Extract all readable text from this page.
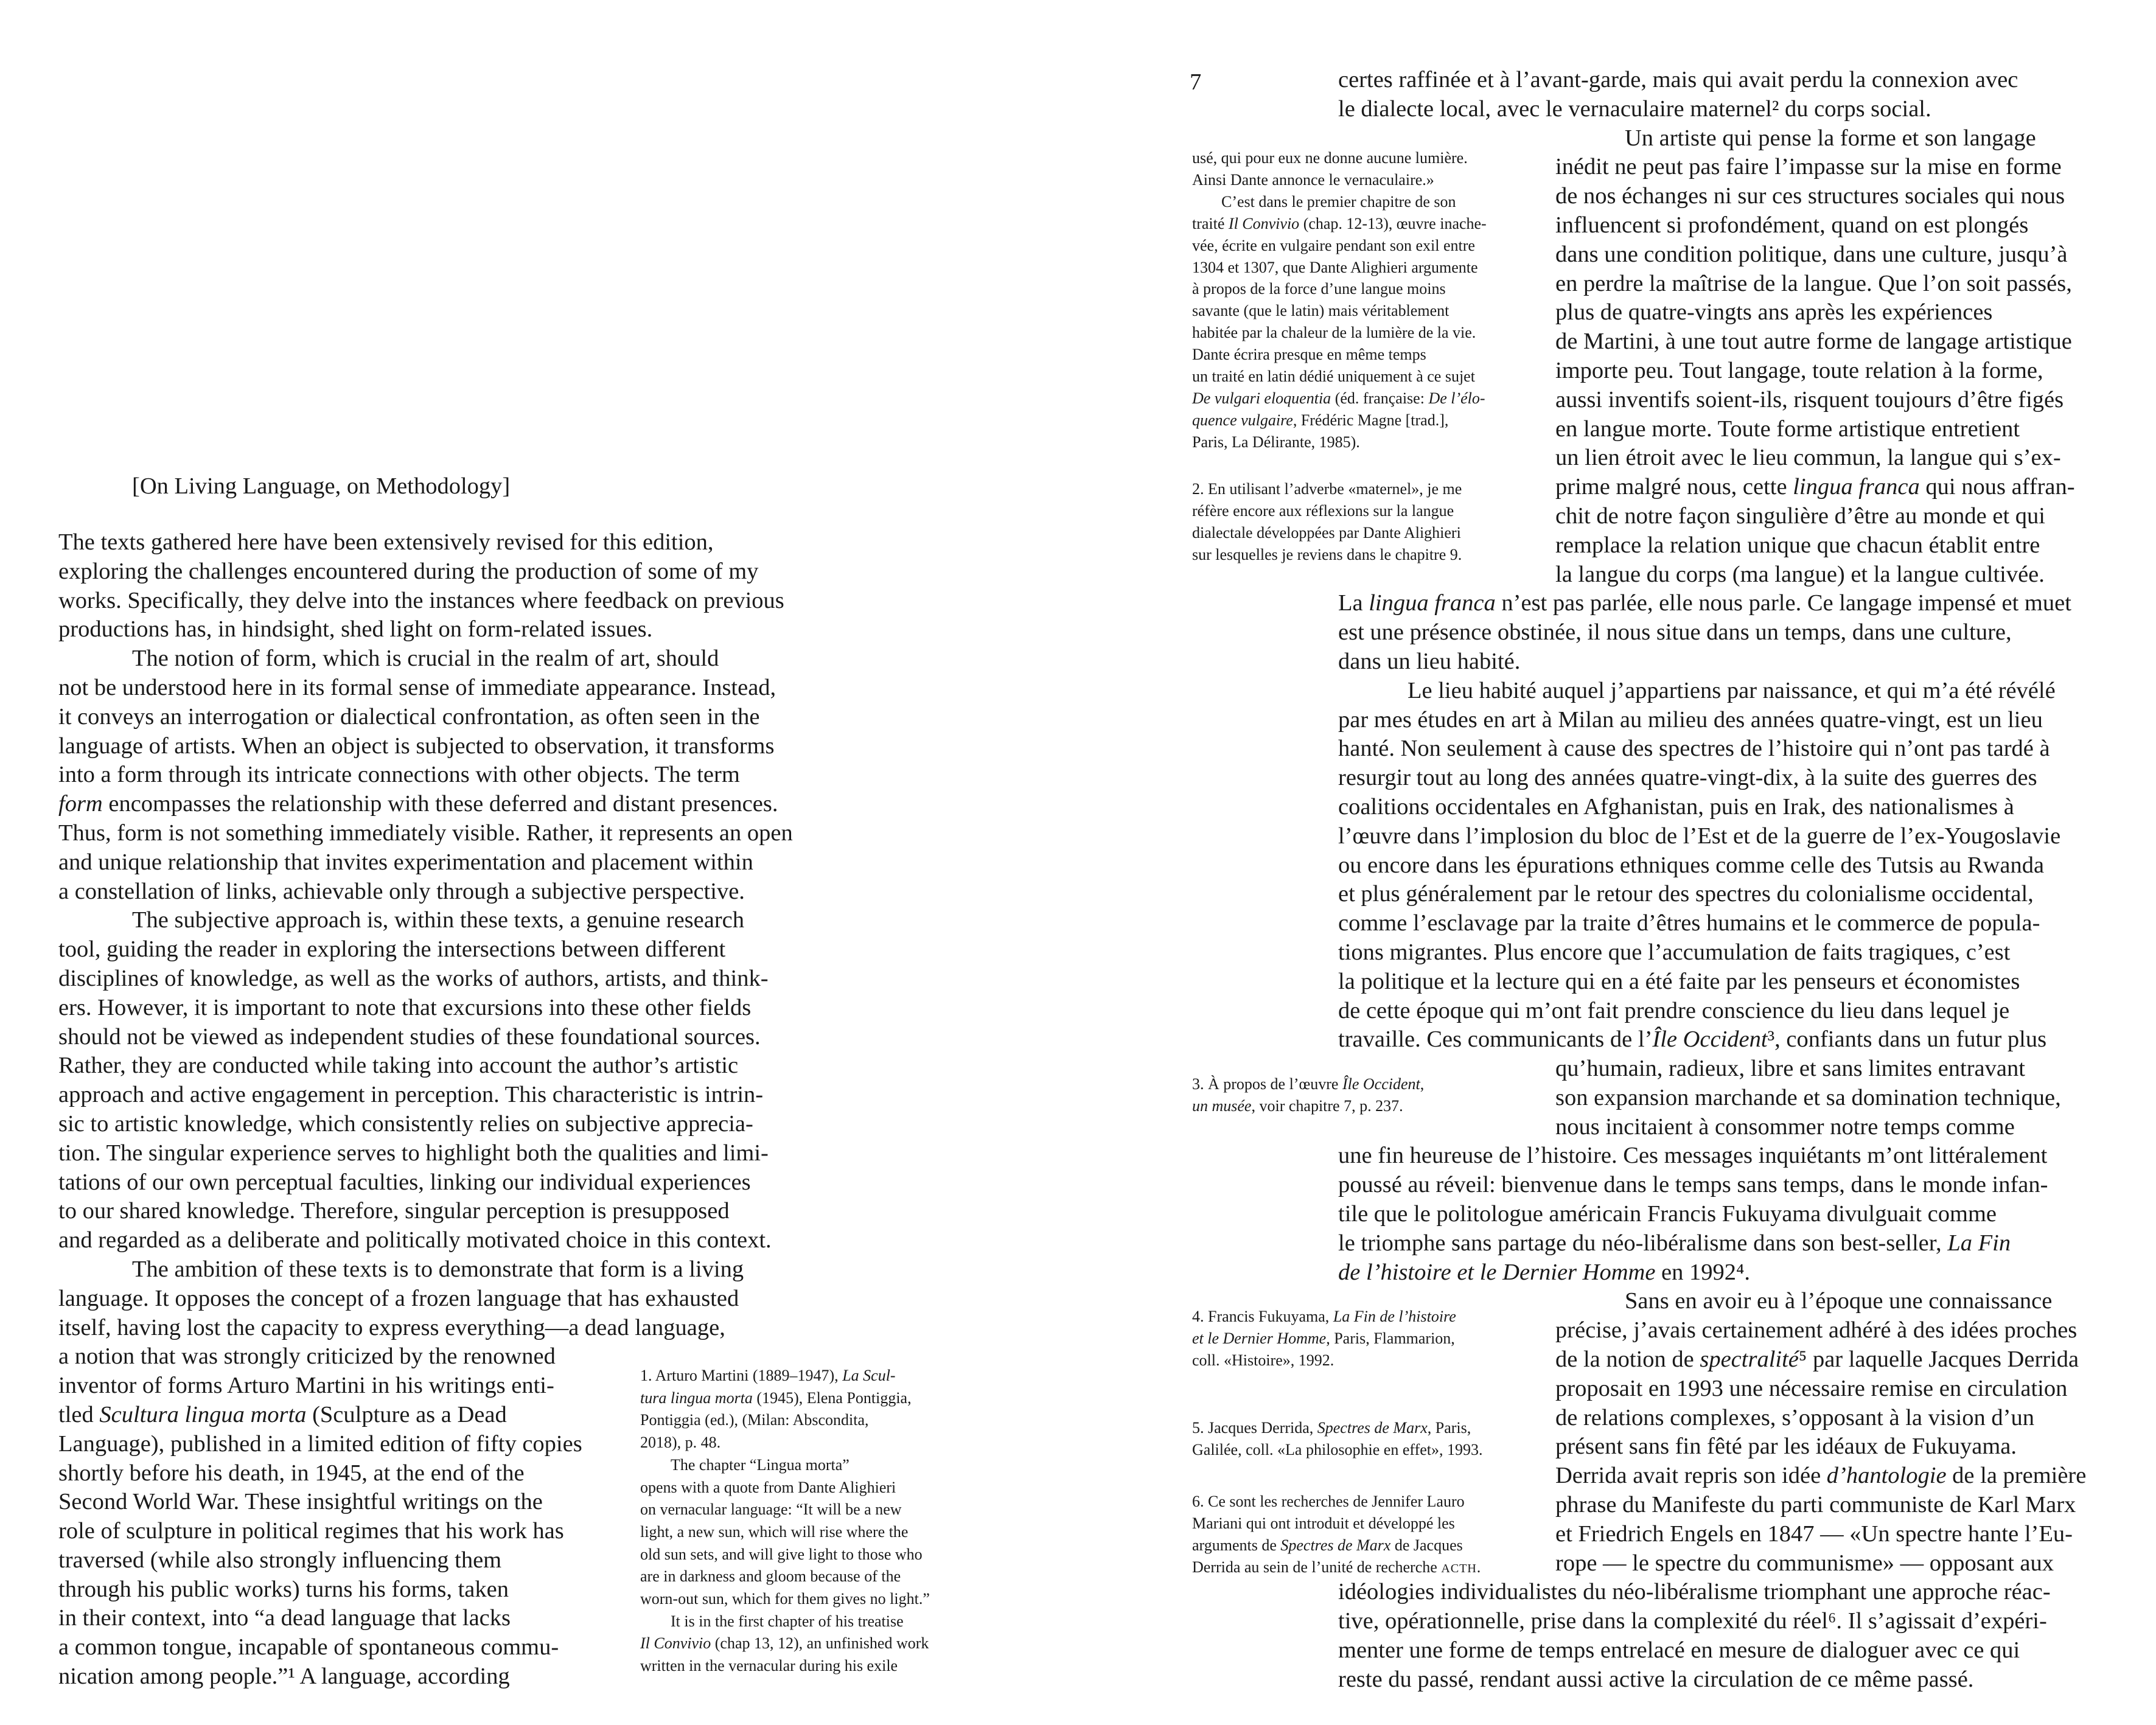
[On Living Language, on Methodology]
7
The texts gathered here have been extensively revised for this edition,
exploring the challenges encountered during the production of some of my
works. Specifically, they delve into the instances where feedback on previous
productions has, in hindsight, shed light on form-related issues.
The notion of form, which is crucial in the realm of art, should
not be understood here in its formal sense of immediate appearance. Instead,
it conveys an interrogation or dialectical confrontation, as often seen in the
language of artists. When an object is subjected to observation, it transforms
into a form through its intricate connections with other objects. The term
form encompasses the relationship with these deferred and distant presences.
Thus, form is not something immediately visible. Rather, it represents an open
and unique relationship that invites experimentation and placement within
a constellation of links, achievable only through a subjective perspective.
The subjective approach is, within these texts, a genuine research
tool, guiding the reader in exploring the intersections between different
disciplines of knowledge, as well as the works of authors, artists, and think-
ers. However, it is important to note that excursions into these other fields
should not be viewed as independent studies of these foundational sources.
Rather, they are conducted while taking into account the author’s artistic
approach and active engagement in perception. This characteristic is intrin-
sic to artistic knowledge, which consistently relies on subjective apprecia-
tion. The singular experience serves to highlight both the qualities and limi-
tations of our own perceptual faculties, linking our individual experiences
to our shared knowledge. Therefore, singular perception is presupposed
and regarded as a deliberate and politically motivated choice in this context.
The ambition of these texts is to demonstrate that form is a living
language. It opposes the concept of a frozen language that has exhausted
itself, having lost the capacity to express everything—a dead language,
a notion that was strongly criticized by the renowned
inventor of forms Arturo Martini in his writings enti-
tled Scultura lingua morta (Sculpture as a Dead
Language), published in a limited edition of fifty copies
shortly before his death, in 1945, at the end of the
Second World War. These insightful writings on the
role of sculpture in political regimes that his work has
traversed (while also strongly influencing them
through his public works) turns his forms, taken
in their context, into “a dead language that lacks
a common tongue, incapable of spontaneous commu-
nication among people.”¹ A language, according
1. Arturo Martini (1889–1947), La Scul-
tura lingua morta (1945), Elena Pontiggia,
Pontiggia (ed.), (Milan: Abscondita,
2018), p. 48.
The chapter “Lingua morta”
opens with a quote from Dante Alighieri
on vernacular language: “It will be a new
light, a new sun, which will rise where the
old sun sets, and will give light to those who
are in darkness and gloom because of the
worn-out sun, which for them gives no light.”
It is in the first chapter of his treatise
Il Convivio (chap 13, 12), an unfinished work
written in the vernacular during his exile
certes raffinée et à l’avant-garde, mais qui avait perdu la connexion avec
le dialecte local, avec le vernaculaire maternel² du corps social.
Un artiste qui pense la forme et son langage
inédit ne peut pas faire l’impasse sur la mise en forme
de nos échanges ni sur ces structures sociales qui nous
influencent si profondément, quand on est plongés
dans une condition politique, dans une culture, jusqu’à
en perdre la maîtrise de la langue. Que l’on soit passés,
plus de quatre-vingts ans après les expériences
de Martini, à une tout autre forme de langage artistique
importe peu. Tout langage, toute relation à la forme,
aussi inventifs soient-ils, risquent toujours d’être figés
en langue morte. Toute forme artistique entretient
un lien étroit avec le lieu commun, la langue qui s’ex-
prime malgré nous, cette lingua franca qui nous affran-
chit de notre façon singulière d’être au monde et qui
remplace la relation unique que chacun établit entre
la langue du corps (ma langue) et la langue cultivée.
La lingua franca n’est pas parlée, elle nous parle. Ce langage impensé et muet
est une présence obstinée, il nous situe dans un temps, dans une culture,
dans un lieu habité.
Le lieu habité auquel j’appartiens par naissance, et qui m’a été révélé
par mes études en art à Milan au milieu des années quatre-vingt, est un lieu
hanté. Non seulement à cause des spectres de l’histoire qui n’ont pas tardé à
resurgir tout au long des années quatre-vingt-dix, à la suite des guerres des
coalitions occidentales en Afghanistan, puis en Irak, des nationalismes à
l’œuvre dans l’implosion du bloc de l’Est et de la guerre de l’ex-Yougoslavie
ou encore dans les épurations ethniques comme celle des Tutsis au Rwanda
et plus généralement par le retour des spectres du colonialisme occidental,
comme l’esclavage par la traite d’êtres humains et le commerce de popula-
tions migrantes. Plus encore que l’accumulation de faits tragiques, c’est
la politique et la lecture qui en a été faite par les penseurs et économistes
de cette époque qui m’ont fait prendre conscience du lieu dans lequel je
travaille. Ces communicants de l’Île Occident³, confiants dans un futur plus
qu’humain, radieux, libre et sans limites entravant
son expansion marchande et sa domination technique,
nous incitaient à consommer notre temps comme
une fin heureuse de l’histoire. Ces messages inquiétants m’ont littéralement
poussé au réveil: bienvenue dans le temps sans temps, dans le monde infan-
tile que le politologue américain Francis Fukuyama divulguait comme
le triomphe sans partage du néo-libéralisme dans son best-seller, La Fin
de l’histoire et le Dernier Homme en 1992⁴.
Sans en avoir eu à l’époque une connaissance
précise, j’avais certainement adhéré à des idées proches
de la notion de spectralité⁵ par laquelle Jacques Derrida
proposait en 1993 une nécessaire remise en circulation
de relations complexes, s’opposant à la vision d’un
présent sans fin fêté par les idéaux de Fukuyama.
Derrida avait repris son idée d’hantologie de la première
phrase du Manifeste du parti communiste de Karl Marx
et Friedrich Engels en 1847 — «Un spectre hante l’Eu-
rope — le spectre du communisme» — opposant aux
idéologies individualistes du néo-libéralisme triomphant une approche réac-
tive, opérationnelle, prise dans la complexité du réel⁶. Il s’agissait d’expéri-
menter une forme de temps entrelacé en mesure de dialoguer avec ce qui
reste du passé, rendant aussi active la circulation de ce même passé.
usé, qui pour eux ne donne aucune lumière.
Ainsi Dante annonce le vernaculaire.»
C’est dans le premier chapitre de son
traité Il Convivio (chap. 12-13), œuvre inache-
vée, écrite en vulgaire pendant son exil entre
1304 et 1307, que Dante Alighieri argumente
à propos de la force d’une langue moins
savante (que le latin) mais véritablement
habitée par la chaleur de la lumière de la vie.
Dante écrira presque en même temps
un traité en latin dédié uniquement à ce sujet
De vulgari eloquentia (éd. française: De l’élo-
quence vulgaire, Frédéric Magne [trad.],
Paris, La Délirante, 1985).
2. En utilisant l’adverbe «maternel», je me
réfère encore aux réflexions sur la langue
dialectale développées par Dante Alighieri
sur lesquelles je reviens dans le chapitre 9.
3. À propos de l’œuvre Île Occident,
un musée, voir chapitre 7, p. 237.
4. Francis Fukuyama, La Fin de l’histoire
et le Dernier Homme, Paris, Flammarion,
coll. «Histoire», 1992.
5. Jacques Derrida, Spectres de Marx, Paris,
Galilée, coll. «La philosophie en effet», 1993.
6. Ce sont les recherches de Jennifer Lauro
Mariani qui ont introduit et développé les
arguments de Spectres de Marx de Jacques
Derrida au sein de l’unité de recherche ACTH.
